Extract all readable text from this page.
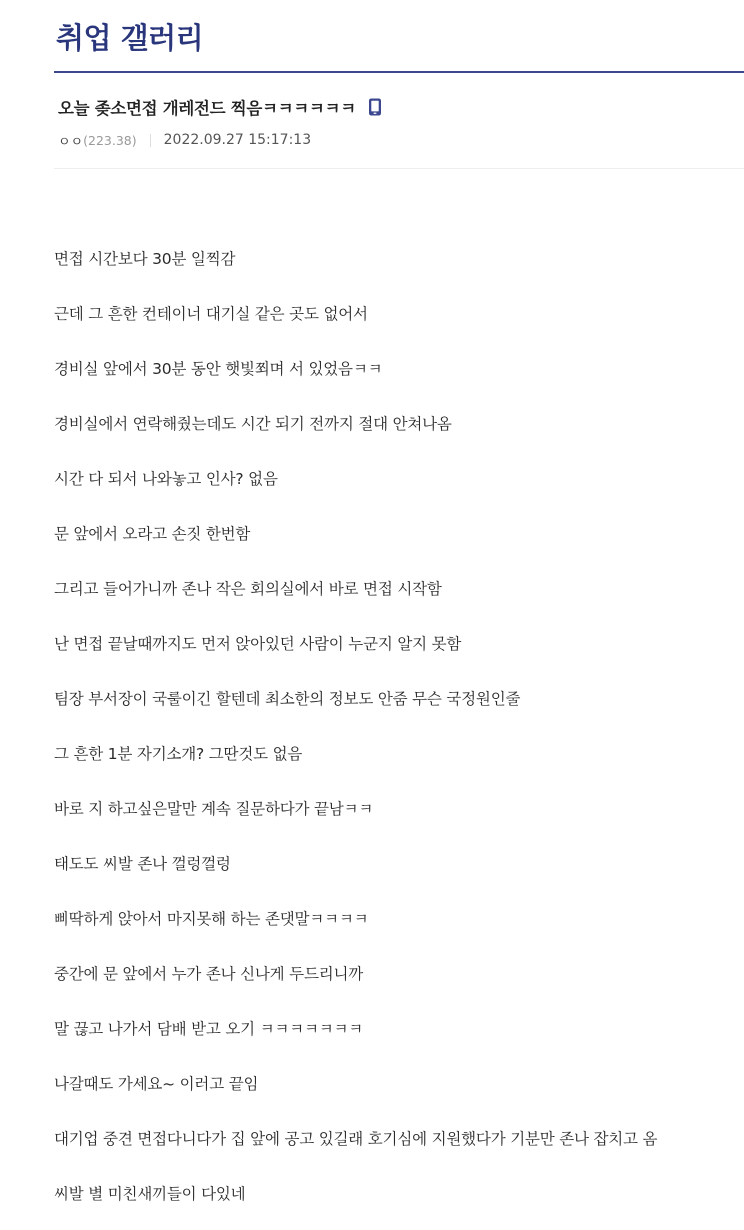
취업 갤러리
오늘 좆소면접 개레전드 찍음ㅋㅋㅋㅋㅋㅋ
ㅇㅇ (223.38) 2022.09.27 15:17:13

면접 시간보다 30분 일찍감

근데 그 흔한 컨테이너 대기실 같은 곳도 없어서

경비실 앞에서 30분 동안 햇빛쬐며 서 있었음ㅋㅋ

경비실에서 연락해줬는데도 시간 되기 전까지 절대 안쳐나옴

시간 다 되서 나와놓고 인사? 없음

문 앞에서 오라고 손짓 한번함

그리고 들어가니까 존나 작은 회의실에서 바로 면접 시작함

난 면접 끝날때까지도 먼저 앉아있던 사람이 누군지 알지 못함

팀장 부서장이 국룰이긴 할텐데 최소한의 정보도 안줌 무슨 국정원인줄

그 흔한 1분 자기소개? 그딴것도 없음

바로 지 하고싶은말만 계속 질문하다가 끝남ㅋㅋ

태도도 씨발 존나 껄렁껄렁

삐딱하게 앉아서 마지못해 하는 존댓말ㅋㅋㅋㅋ

중간에 문 앞에서 누가 존나 신나게 두드리니까

말 끊고 나가서 담배 받고 오기 ㅋㅋㅋㅋㅋㅋㅋ

나갈때도 가세요~ 이러고 끝임

대기업 중견 면접다니다가 집 앞에 공고 있길래 호기심에 지원했다가 기분만 존나 잡치고 옴

씨발 별 미친새끼들이 다있네
